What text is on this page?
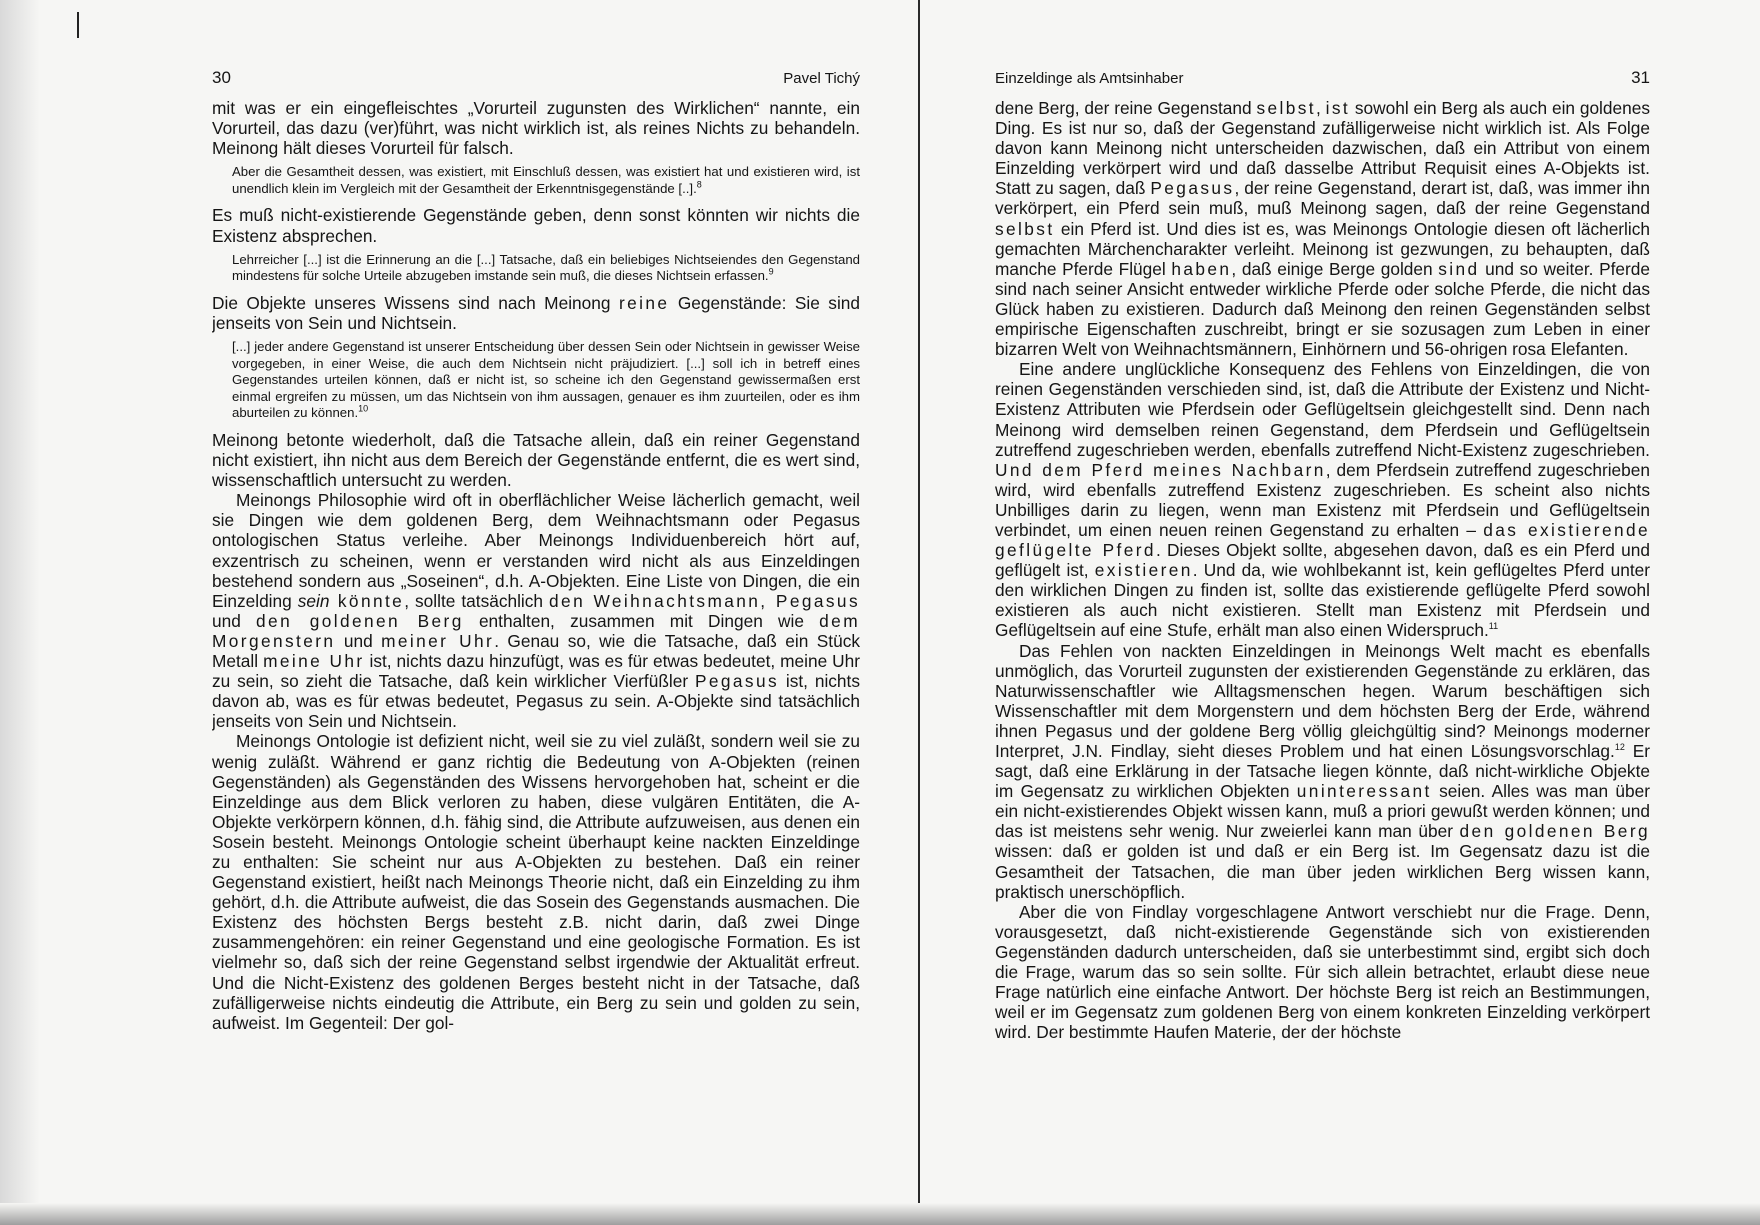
30	Pavel Tichý

mit was er ein eingefleischtes „Vorurteil zugunsten des Wirklichen“ nannte, ein Vorurteil, das dazu (ver)führt, was nicht wirklich ist, als reines Nichts zu behandeln. Meinong hält dieses Vorurteil für falsch.

Aber die Gesamtheit dessen, was existiert, mit Einschluß dessen, was existiert hat und existieren wird, ist unendlich klein im Vergleich mit der Gesamtheit der Erkenntnisgegenstände [..].$^8$

Es muß nicht-existierende Gegenstände geben, denn sonst könnten wir nichts die Existenz absprechen.

Lehrreicher [...] ist die Erinnerung an die [...] Tatsache, daß ein beliebiges Nichtseiendes den Gegenstand mindestens für solche Urteile abzugeben imstande sein muß, die dieses Nichtsein erfassen.$^9$

Die Objekte unseres Wissens sind nach Meinong reine Gegenstände: Sie sind jenseits von Sein und Nichtsein.

[...] jeder andere Gegenstand ist unserer Entscheidung über dessen Sein oder Nichtsein in gewisser Weise vorgegeben, in einer Weise, die auch dem Nichtsein nicht präjudiziert. [...] soll ich in betreff eines Gegenstandes urteilen können, daß er nicht ist, so scheine ich den Gegenstand gewissermaßen erst einmal ergreifen zu müssen, um das Nichtsein von ihm aussagen, genauer es ihm zuurteilen, oder es ihm aburteilen zu können.$^{10}$

Meinong betonte wiederholt, daß die Tatsache allein, daß ein reiner Gegenstand nicht existiert, ihn nicht aus dem Bereich der Gegenstände entfernt, die es wert sind, wissenschaftlich untersucht zu werden.

Meinongs Philosophie wird oft in oberflächlicher Weise lächerlich gemacht, weil sie Dingen wie dem goldenen Berg, dem Weihnachtsmann oder Pegasus ontologischen Status verleihe. Aber Meinongs Individuenbereich hört auf, exzentrisch zu scheinen, wenn er verstanden wird nicht als aus Einzeldingen bestehend sondern aus „Soseinen“, d.h. A-Objekten. Eine Liste von Dingen, die ein Einzelding sein könnte, sollte tatsächlich den Weihnachtsmann, Pegasus und den goldenen Berg enthalten, zusammen mit Dingen wie dem Morgenstern und meiner Uhr. Genau so, wie die Tatsache, daß ein Stück Metall meine Uhr ist, nichts dazu hinzufügt, was es für etwas bedeutet, meine Uhr zu sein, so zieht die Tatsache, daß kein wirklicher Vierfüßler Pegasus ist, nichts davon ab, was es für etwas bedeutet, Pegasus zu sein. A-Objekte sind tatsächlich jenseits von Sein und Nichtsein.

Meinongs Ontologie ist defizient nicht, weil sie zu viel zuläßt, sondern weil sie zu wenig zuläßt. Während er ganz richtig die Bedeutung von A-Objekten (reinen Gegenständen) als Gegenständen des Wissens hervorgehoben hat, scheint er die Einzeldinge aus dem Blick verloren zu haben, diese vulgären Entitäten, die A-Objekte verkörpern können, d.h. fähig sind, die Attribute aufzuweisen, aus denen ein Sosein besteht. Meinongs Ontologie scheint überhaupt keine nackten Einzeldinge zu enthalten: Sie scheint nur aus A-Objekten zu bestehen. Daß ein reiner Gegenstand existiert, heißt nach Meinongs Theorie nicht, daß ein Einzelding zu ihm gehört, d.h. die Attribute aufweist, die das Sosein des Gegenstands ausmachen. Die Existenz des höchsten Bergs besteht z.B. nicht darin, daß zwei Dinge zusammengehören: ein reiner Gegenstand und eine geologische Formation. Es ist vielmehr so, daß sich der reine Gegenstand selbst irgendwie der Aktualität erfreut. Und die Nicht-Existenz des goldenen Berges besteht nicht in der Tatsache, daß zufälligerweise nichts eindeutig die Attribute, ein Berg zu sein und golden zu sein, aufweist. Im Gegenteil: Der gol-

Einzeldinge als Amtsinhaber	31

dene Berg, der reine Gegenstand selbst, ist sowohl ein Berg als auch ein goldenes Ding. Es ist nur so, daß der Gegenstand zufälligerweise nicht wirklich ist. Als Folge davon kann Meinong nicht unterscheiden dazwischen, daß ein Attribut von einem Einzelding verkörpert wird und daß dasselbe Attribut Requisit eines A-Objekts ist. Statt zu sagen, daß Pegasus, der reine Gegenstand, derart ist, daß, was immer ihn verkörpert, ein Pferd sein muß, muß Meinong sagen, daß der reine Gegenstand selbst ein Pferd ist. Und dies ist es, was Meinongs Ontologie diesen oft lächerlich gemachten Märchencharakter verleiht. Meinong ist gezwungen, zu behaupten, daß manche Pferde Flügel haben, daß einige Berge golden sind und so weiter. Pferde sind nach seiner Ansicht entweder wirkliche Pferde oder solche Pferde, die nicht das Glück haben zu existieren. Dadurch daß Meinong den reinen Gegenständen selbst empirische Eigenschaften zuschreibt, bringt er sie sozusagen zum Leben in einer bizarren Welt von Weihnachtsmännern, Einhörnern und 56-ohrigen rosa Elefanten.

Eine andere unglückliche Konsequenz des Fehlens von Einzeldingen, die von reinen Gegenständen verschieden sind, ist, daß die Attribute der Existenz und Nicht-Existenz Attributen wie Pferdsein oder Geflügeltsein gleichgestellt sind. Denn nach Meinong wird demselben reinen Gegenstand, dem Pferdsein und Geflügeltsein zutreffend zugeschrieben werden, ebenfalls zutreffend Nicht-Existenz zugeschrieben. Und dem Pferd meines Nachbarn, dem Pferdsein zutreffend zugeschrieben wird, wird ebenfalls zutreffend Existenz zugeschrieben. Es scheint also nichts Unbilliges darin zu liegen, wenn man Existenz mit Pferdsein und Geflügeltsein verbindet, um einen neuen reinen Gegenstand zu erhalten – das existierende geflügelte Pferd. Dieses Objekt sollte, abgesehen davon, daß es ein Pferd und geflügelt ist, existieren. Und da, wie wohlbekannt ist, kein geflügeltes Pferd unter den wirklichen Dingen zu finden ist, sollte das existierende geflügelte Pferd sowohl existieren als auch nicht existieren. Stellt man Existenz mit Pferdsein und Geflügeltsein auf eine Stufe, erhält man also einen Widerspruch.$^{11}$

Das Fehlen von nackten Einzeldingen in Meinongs Welt macht es ebenfalls unmöglich, das Vorurteil zugunsten der existierenden Gegenstände zu erklären, das Naturwissenschaftler wie Alltagsmenschen hegen. Warum beschäftigen sich Wissenschaftler mit dem Morgenstern und dem höchsten Berg der Erde, während ihnen Pegasus und der goldene Berg völlig gleichgültig sind? Meinongs moderner Interpret, J.N. Findlay, sieht dieses Problem und hat einen Lösungsvorschlag.$^{12}$ Er sagt, daß eine Erklärung in der Tatsache liegen könnte, daß nicht-wirkliche Objekte im Gegensatz zu wirklichen Objekten uninteressant seien. Alles was man über ein nicht-existierendes Objekt wissen kann, muß a priori gewußt werden können; und das ist meistens sehr wenig. Nur zweierlei kann man über den goldenen Berg wissen: daß er golden ist und daß er ein Berg ist. Im Gegensatz dazu ist die Gesamtheit der Tatsachen, die man über jeden wirklichen Berg wissen kann, praktisch unerschöpflich.

Aber die von Findlay vorgeschlagene Antwort verschiebt nur die Frage. Denn, vorausgesetzt, daß nicht-existierende Gegenstände sich von existierenden Gegenständen dadurch unterscheiden, daß sie unterbestimmt sind, ergibt sich doch die Frage, warum das so sein sollte. Für sich allein betrachtet, erlaubt diese neue Frage natürlich eine einfache Antwort. Der höchste Berg ist reich an Bestimmungen, weil er im Gegensatz zum goldenen Berg von einem konkreten Einzelding verkörpert wird. Der bestimmte Haufen Materie, der der höchste
